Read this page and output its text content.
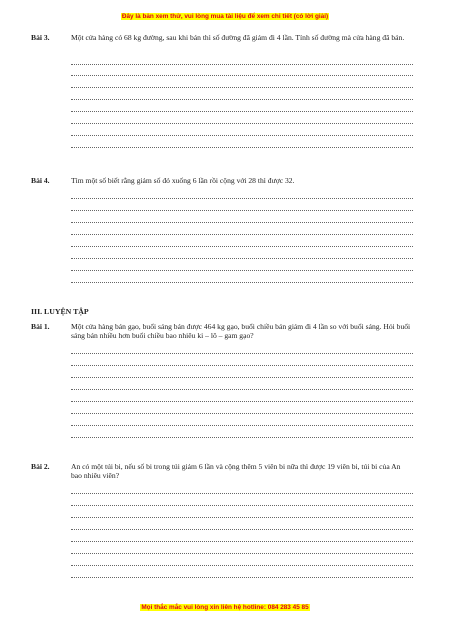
Đây là bản xem thử, vui lòng mua tài liệu để xem chi tiết (có lời giải)
Bài 3.	Một cửa hàng có 68 kg đường, sau khi bán thì số đường đã giảm đi 4 lần. Tính số đường mà cửa hàng đã bán.
Bài 4.	Tìm một số biết rằng giảm số đó xuống 6 lần rồi cộng với 28 thì được 32.
III. LUYỆN TẬP
Bài 1.	Một cửa hàng bán gạo, buổi sáng bán được 464 kg gạo, buổi chiều bán giảm đi 4 lần so với buổi sáng. Hỏi buổi sáng bán nhiều hơn buổi chiều bao nhiêu ki – lô – gam gạo?
Bài 2.	An có một túi bi, nếu số bi trong túi giảm 6 lần và cộng thêm 5 viên bi nữa thì được 19 viên bi, túi bi của An bao nhiêu viên?
Mọi thắc mắc vui lòng xin liên hệ hotline: 084 283 45 85
